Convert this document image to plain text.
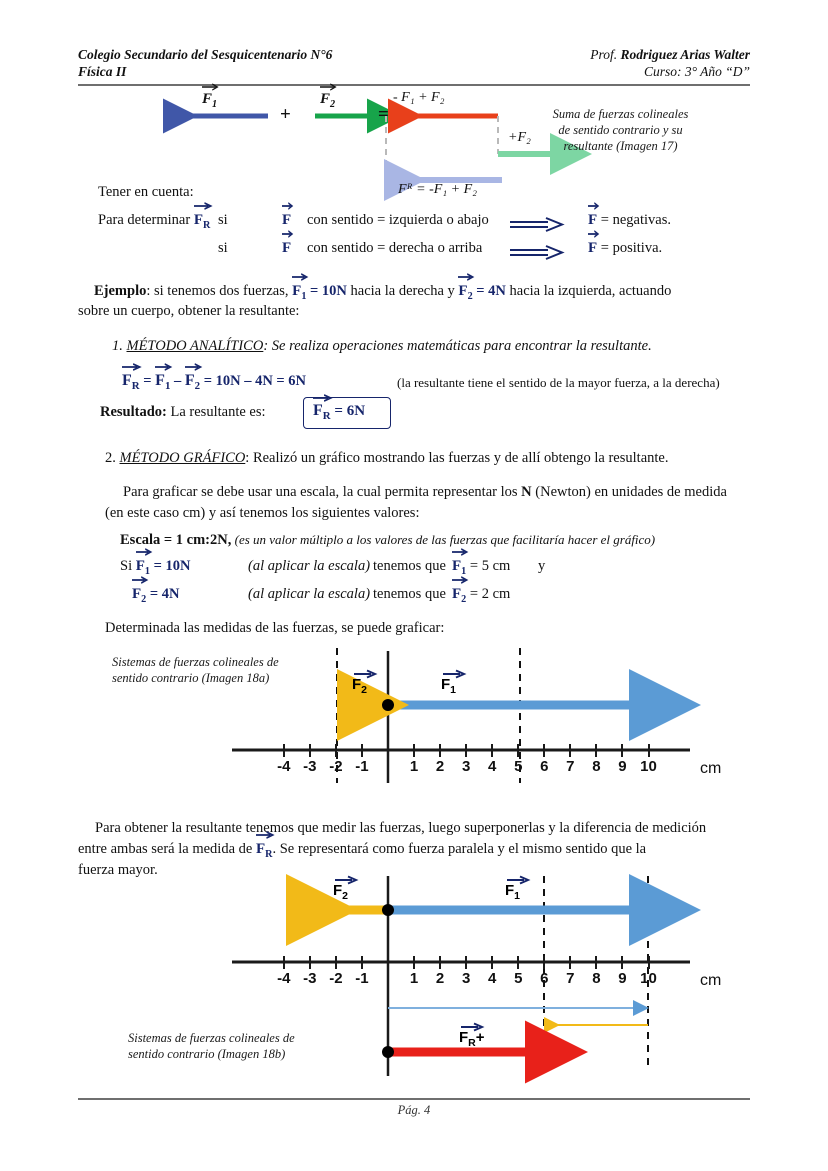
Colegio Secundario del Sesquicentenario N°6	Prof. Rodriguez Arias Walter
Física II	Curso: 3° Año “D”
$F_1$	+
$F_2$ =
- F₁ + F₂
+F₂
Fᴿ = -F₁ + F₂
Suma de fuerzas colineales
de sentido contrario y su
resultante (Imagen 17)
Tener en cuenta:
Para determinar
$F_R$ si	F con sentido = izquierda o abajo	F = negativas.
si	F con sentido = derecha o arriba	F = positiva.
Ejemplo: si tenemos dos fuerzas,
$F_1 = 10N$ hacia la derecha y
$F_2 = 4N$ hacia la izquierda, actuando
sobre un cuerpo, obtener la resultante:
1. MÉTODO ANALÍTICO: Se realiza operaciones matemáticas para encontrar la resultante.
$F_R$ =
$F_1$ –
$F_2 = 10N - 4N = 6N$	(la resultante tiene el sentido de la mayor fuerza, a la derecha)
Resultado: La resultante es:	$F_R = 6N$
2. MÉTODO GRÁFICO: Realizó un gráfico mostrando las fuerzas y de allí obtengo la resultante.
Para graficar se debe usar una escala, la cual permita representar los N (Newton) en unidades de medida
(en este caso cm) y así tenemos los siguientes valores:
Escala = 1 cm:2N, (es un valor múltiplo a los valores de las fuerzas que facilitaría hacer el gráfico)
Si
$F_1 = 10N$	(al aplicar la escala) tenemos que $F_1 = 5$ cm y
$F_2 = 4N$	(al aplicar la escala) tenemos que $F_2 = 2$ cm
Determinada las medidas de las fuerzas, se puede graficar:
Sistemas de fuerzas colineales de
sentido contrario (Imagen 18a)
-4 -3 -2 -1	1	2	3	4	5	6	7	8	9 10
$F_2$	$F_1$
cm
Para obtener la resultante tenemos que medir las fuerzas, luego superponerlas y la diferencia de medición
entre ambas será la medida de
$F_R$. Se representará como fuerza paralela y el mismo sentido que la
fuerza mayor.
-4 -3 -2 -1	1	2	3	4	5	6	7	8	9 10
$F_2$	$F_1$
$F_R+$
cm
Sistemas de fuerzas colineales de
sentido contrario (Imagen 18b)
Pág. 4
